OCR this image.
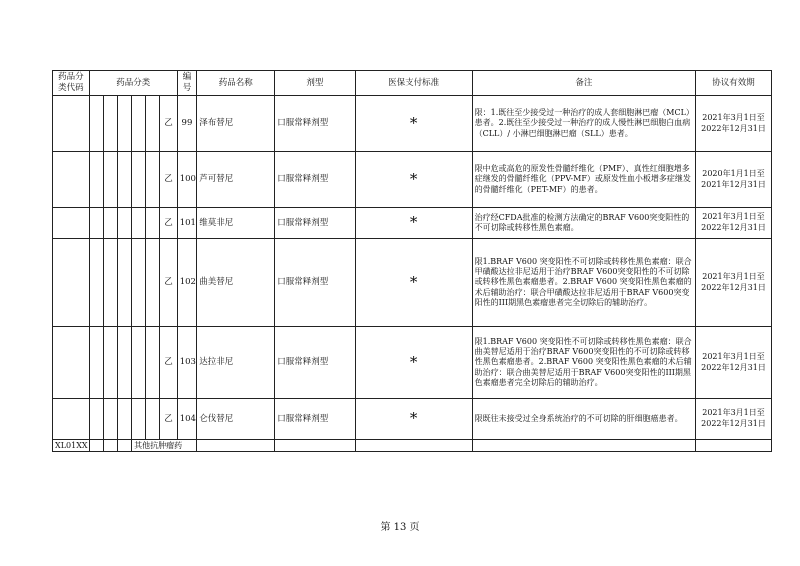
药品分类代码	药品分类						编号	药品名称	剂型	医保支付标准	备注	协议有效期
						乙	99	泽布替尼	口服常释剂型	*	限：1.既往至少接受过一种治疗的成人套细胞淋巴瘤（MCL）患者。2.既往至少接受过一种治疗的成人慢性淋巴细胞白血病（CLL）/ 小淋巴细胞淋巴瘤（SLL）患者。	2021年3月1日至
2022年12月31日
						乙	100	芦可替尼	口服常释剂型	*	限中危或高危的原发性骨髓纤维化（PMF）、真性红细胞增多症继发的骨髓纤维化（PPV-MF）或原发性血小板增多症继发的骨髓纤维化（PET-MF）的患者。	2020年1月1日至
2021年12月31日
						乙	101	维莫非尼	口服常释剂型	*	治疗经CFDA批准的检测方法确定的BRAF V600突变阳性的不可切除或转移性黑色素瘤。	2021年3月1日至
2022年12月31日
						乙	102	曲美替尼	口服常释剂型	*	限1.BRAF V600 突变阳性不可切除或转移性黑色素瘤：联合甲磺酸达拉非尼适用于治疗BRAF V600突变阳性的不可切除或转移性黑色素瘤患者。2.BRAF V600 突变阳性黑色素瘤的术后辅助治疗：联合甲磺酸达拉非尼适用于BRAF V600突变阳性的III期黑色素瘤患者完全切除后的辅助治疗。	2021年3月1日至
2022年12月31日
						乙	103	达拉非尼	口服常释剂型	*	限1.BRAF V600 突变阳性不可切除或转移性黑色素瘤：联合曲美替尼适用于治疗BRAF V600突变阳性的不可切除或转移性黑色素瘤患者。2.BRAF V600 突变阳性黑色素瘤的术后辅助治疗：联合曲美替尼适用于BRAF V600突变阳性的III期黑色素瘤患者完全切除后的辅助治疗。	2021年3月1日至
2022年12月31日
						乙	104	仑伐替尼	口服常释剂型	*	限既往未接受过全身系统治疗的不可切除的肝细胞癌患者。	2021年3月1日至
2022年12月31日
XL01XX				其他抗肿瘤药								
第 13 页
